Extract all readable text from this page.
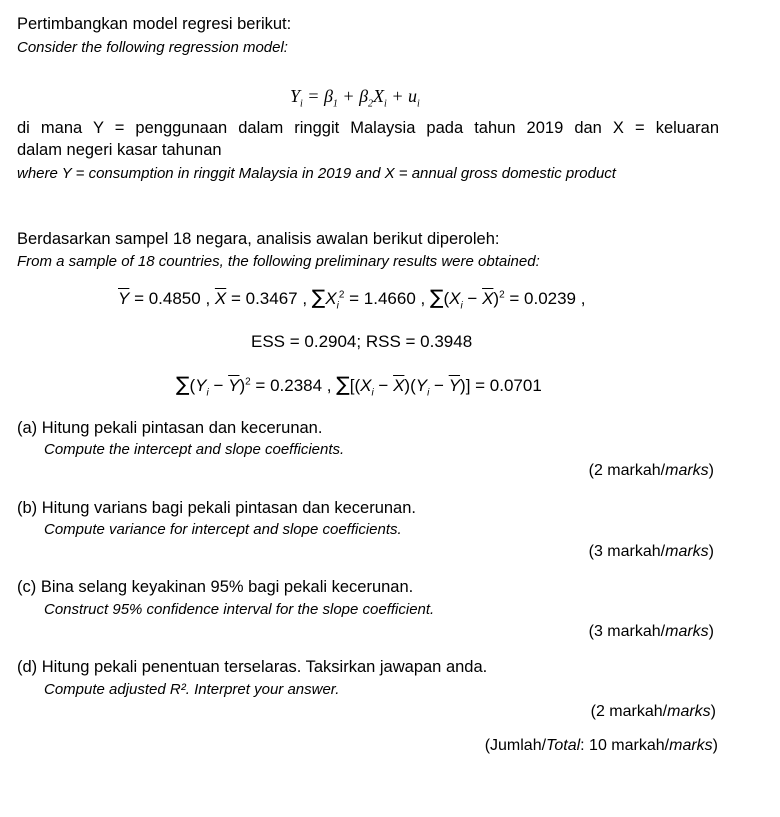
Pertimbangkan model regresi berikut:
Consider the following regression model:
$Y_i = \beta_1 + \beta_2X_i + u_i$
di mana Y = penggunaan dalam ringgit Malaysia pada tahun 2019 dan X = keluaran
dalam negeri kasar tahunan
where Y = consumption in ringgit Malaysia in 2019 and X = annual gross domestic product
Berdasarkan sampel 18 negara, analisis awalan berikut diperoleh:
From a sample of 18 countries, the following preliminary results were obtained:
$\overline{Y} = 0.4850$ , $\overline{X} = 0.3467$ , $\sum X_i^2 = 1.4660$ , $\sum(X_i - \overline{X})^2 = 0.0239$ ,
ESS = 0.2904; RSS = 0.3948
$\sum(Y_i - \overline{Y})^2 = 0.2384$ , $\sum[(X_i - \overline{X})(Y_i - \overline{Y})] = 0.0701$
(a) Hitung pekali pintasan dan kecerunan.
Compute the intercept and slope coefficients.
(2 markah/marks)
(b) Hitung varians bagi pekali pintasan dan kecerunan.
Compute variance for intercept and slope coefficients.
(3 markah/marks)
(c) Bina selang keyakinan 95% bagi pekali kecerunan.
Construct 95% confidence interval for the slope coefficient.
(3 markah/marks)
(d) Hitung pekali penentuan terselaras. Taksirkan jawapan anda.
Compute adjusted R². Interpret your answer.
(2 markah/marks)
(Jumlah/Total: 10 markah/marks)
